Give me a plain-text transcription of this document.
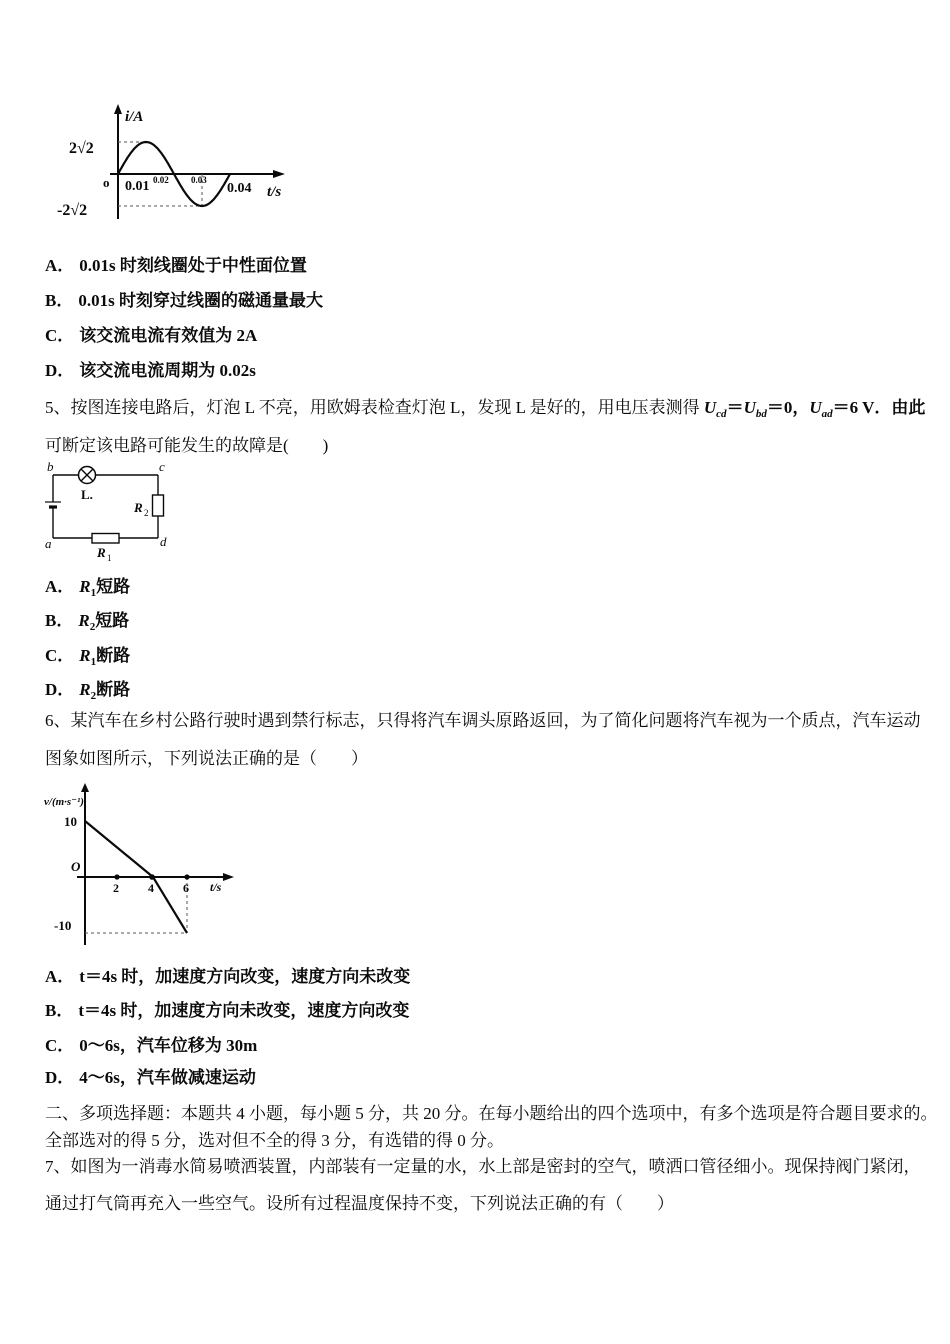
i/A
2√2
-2√2
o 0.01 0.02 0.03
0.04 t/s
A． 0.01s 时刻线圈处于中性面位置
B． 0.01s 时刻穿过线圈的磁通量最大
C． 该交流电流有效值为 2A
D． 该交流电流周期为 0.02s
5、按图连接电路后，灯泡 L 不亮，用欧姆表检查灯泡 L，发现 L 是好的，用电压表测得 $U_{cd}=U_{bd}=0$，$U_{ad}=6$ V．由此
可断定该电路可能发生的故障是(　　)
b	c
a	d
L.
R 2
R 1
A． $R_1$短路
B． $R_2$短路
C． $R_1$断路
D． $R_2$断路
6、某汽车在乡村公路行驶时遇到禁行标志，只得将汽车调头原路返回，为了简化问题将汽车视为一个质点，汽车运动
图象如图所示，下列说法正确的是（　　）
v/(m·s⁻¹)
10
O
2 4 6 t/s
-10
A． t＝4s 时，加速度方向改变，速度方向未改变
B． t＝4s 时，加速度方向未改变，速度方向改变
C． 0～6s，汽车位移为 30m
D． 4～6s，汽车做减速运动
二、多项选择题：本题共 4 小题，每小题 5 分，共 20 分。在每小题给出的四个选项中，有多个选项是符合题目要求的。
全部选对的得 5 分，选对但不全的得 3 分，有选错的得 0 分。
7、如图为一消毒水简易喷洒装置，内部装有一定量的水，水上部是密封的空气，喷洒口管径细小。现保持阀门紧闭，
通过打气筒再充入一些空气。设所有过程温度保持不变，下列说法正确的有（　　）
